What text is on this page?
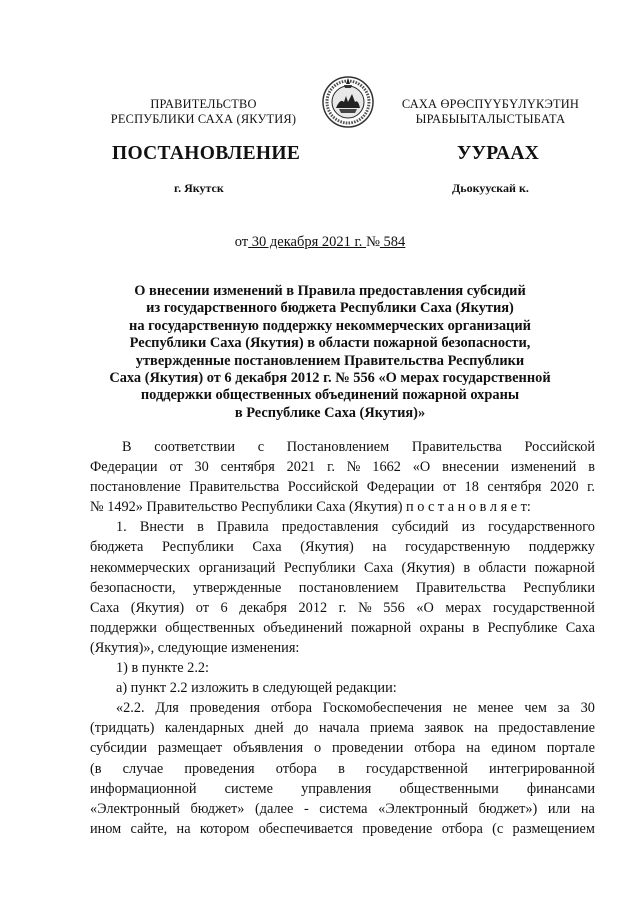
ПРАВИТЕЛЬСТВО
РЕСПУБЛИКИ САХА (ЯКУТИЯ)
САХА ӨРӨСПҮҮБҮЛҮКЭТИН
ЫРАБЫЫТАЛЫСТЫБАТА
ПОСТАНОВЛЕНИЕ	УУРААХ
г. Якутск	Дьокуускай к.
от 30 декабря 2021 г. № 584
О внесении изменений в Правила предоставления субсидий
из государственного бюджета Республики Саха (Якутия)
на государственную поддержку некоммерческих организаций
Республики Саха (Якутия) в области пожарной безопасности,
утвержденные постановлением Правительства Республики
Саха (Якутия) от 6 декабря 2012 г. № 556 «О мерах государственной
поддержки общественных объединений пожарной охраны
в Республике Саха (Якутия)»
В соответствии с Постановлением Правительства Российской
Федерации от 30 сентября 2021 г. № 1662 «О внесении изменений в
постановление Правительства Российской Федерации от 18 сентября 2020 г.
№ 1492» Правительство Республики Саха (Якутия) п о с т а н о в л я е т:
1. Внести в Правила предоставления субсидий из государственного
бюджета Республики Саха (Якутия) на государственную поддержку
некоммерческих организаций Республики Саха (Якутия) в области пожарной
безопасности, утвержденные постановлением Правительства Республики
Саха (Якутия) от 6 декабря 2012 г. № 556 «О мерах государственной
поддержки общественных объединений пожарной охраны в Республике Саха
(Якутия)», следующие изменения:
1) в пункте 2.2:
а) пункт 2.2 изложить в следующей редакции:
«2.2. Для проведения отбора Госкомобеспечения не менее чем за 30
(тридцать) календарных дней до начала приема заявок на предоставление
субсидии размещает объявления о проведении отбора на едином портале
(в случае проведения отбора в государственной интегрированной
информационной системе управления общественными финансами
«Электронный бюджет» (далее - система «Электронный бюджет») или на
ином сайте, на котором обеспечивается проведение отбора (с размещением
